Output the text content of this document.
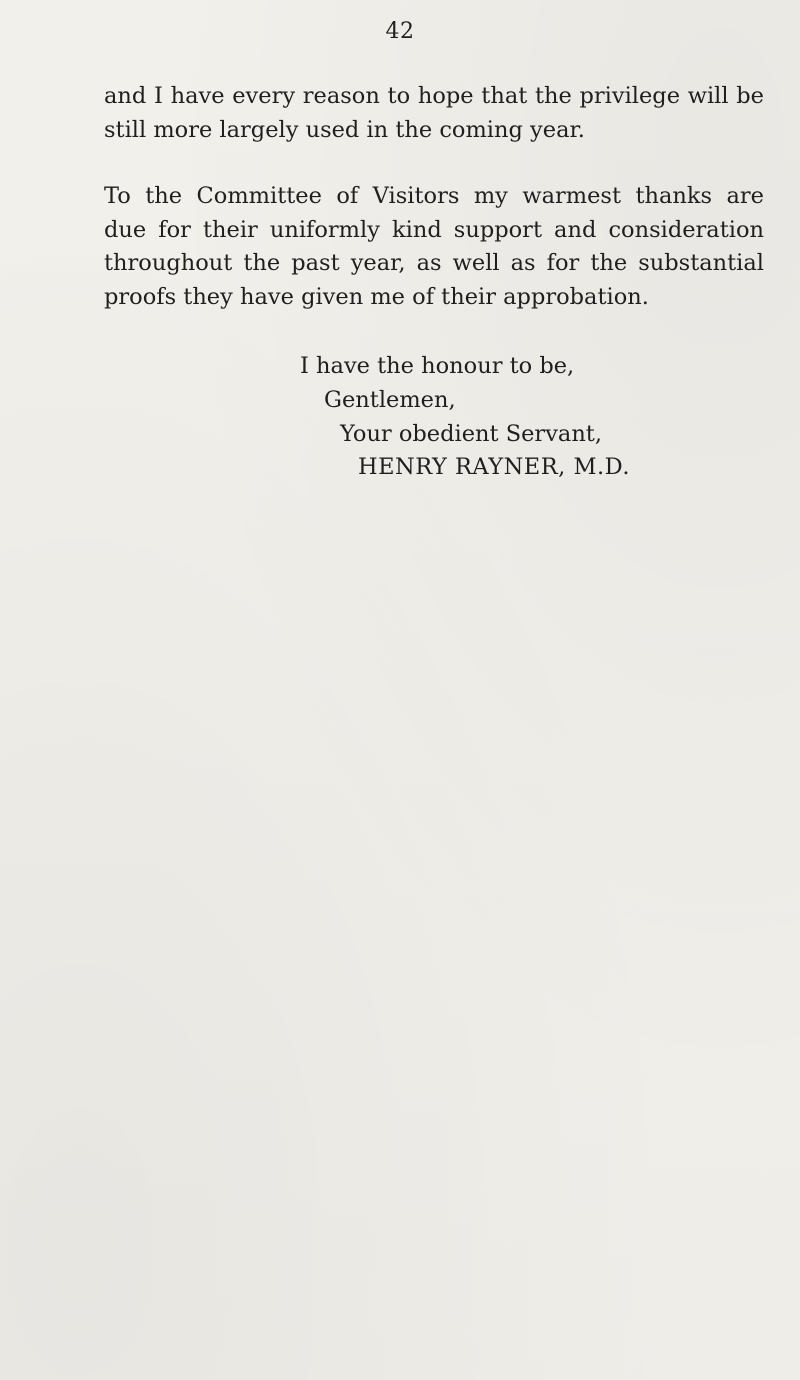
42

and I have every reason to hope that the privilege will be
still more largely used in the coming year.

To the Committee of Visitors my warmest thanks are
due for their uniformly kind support and consideration
throughout the past year, as well as for the substantial
proofs they have given me of their approbation.

I have the honour to be,
Gentlemen,
Your obedient Servant,
HENRY RAYNER, M.D.
